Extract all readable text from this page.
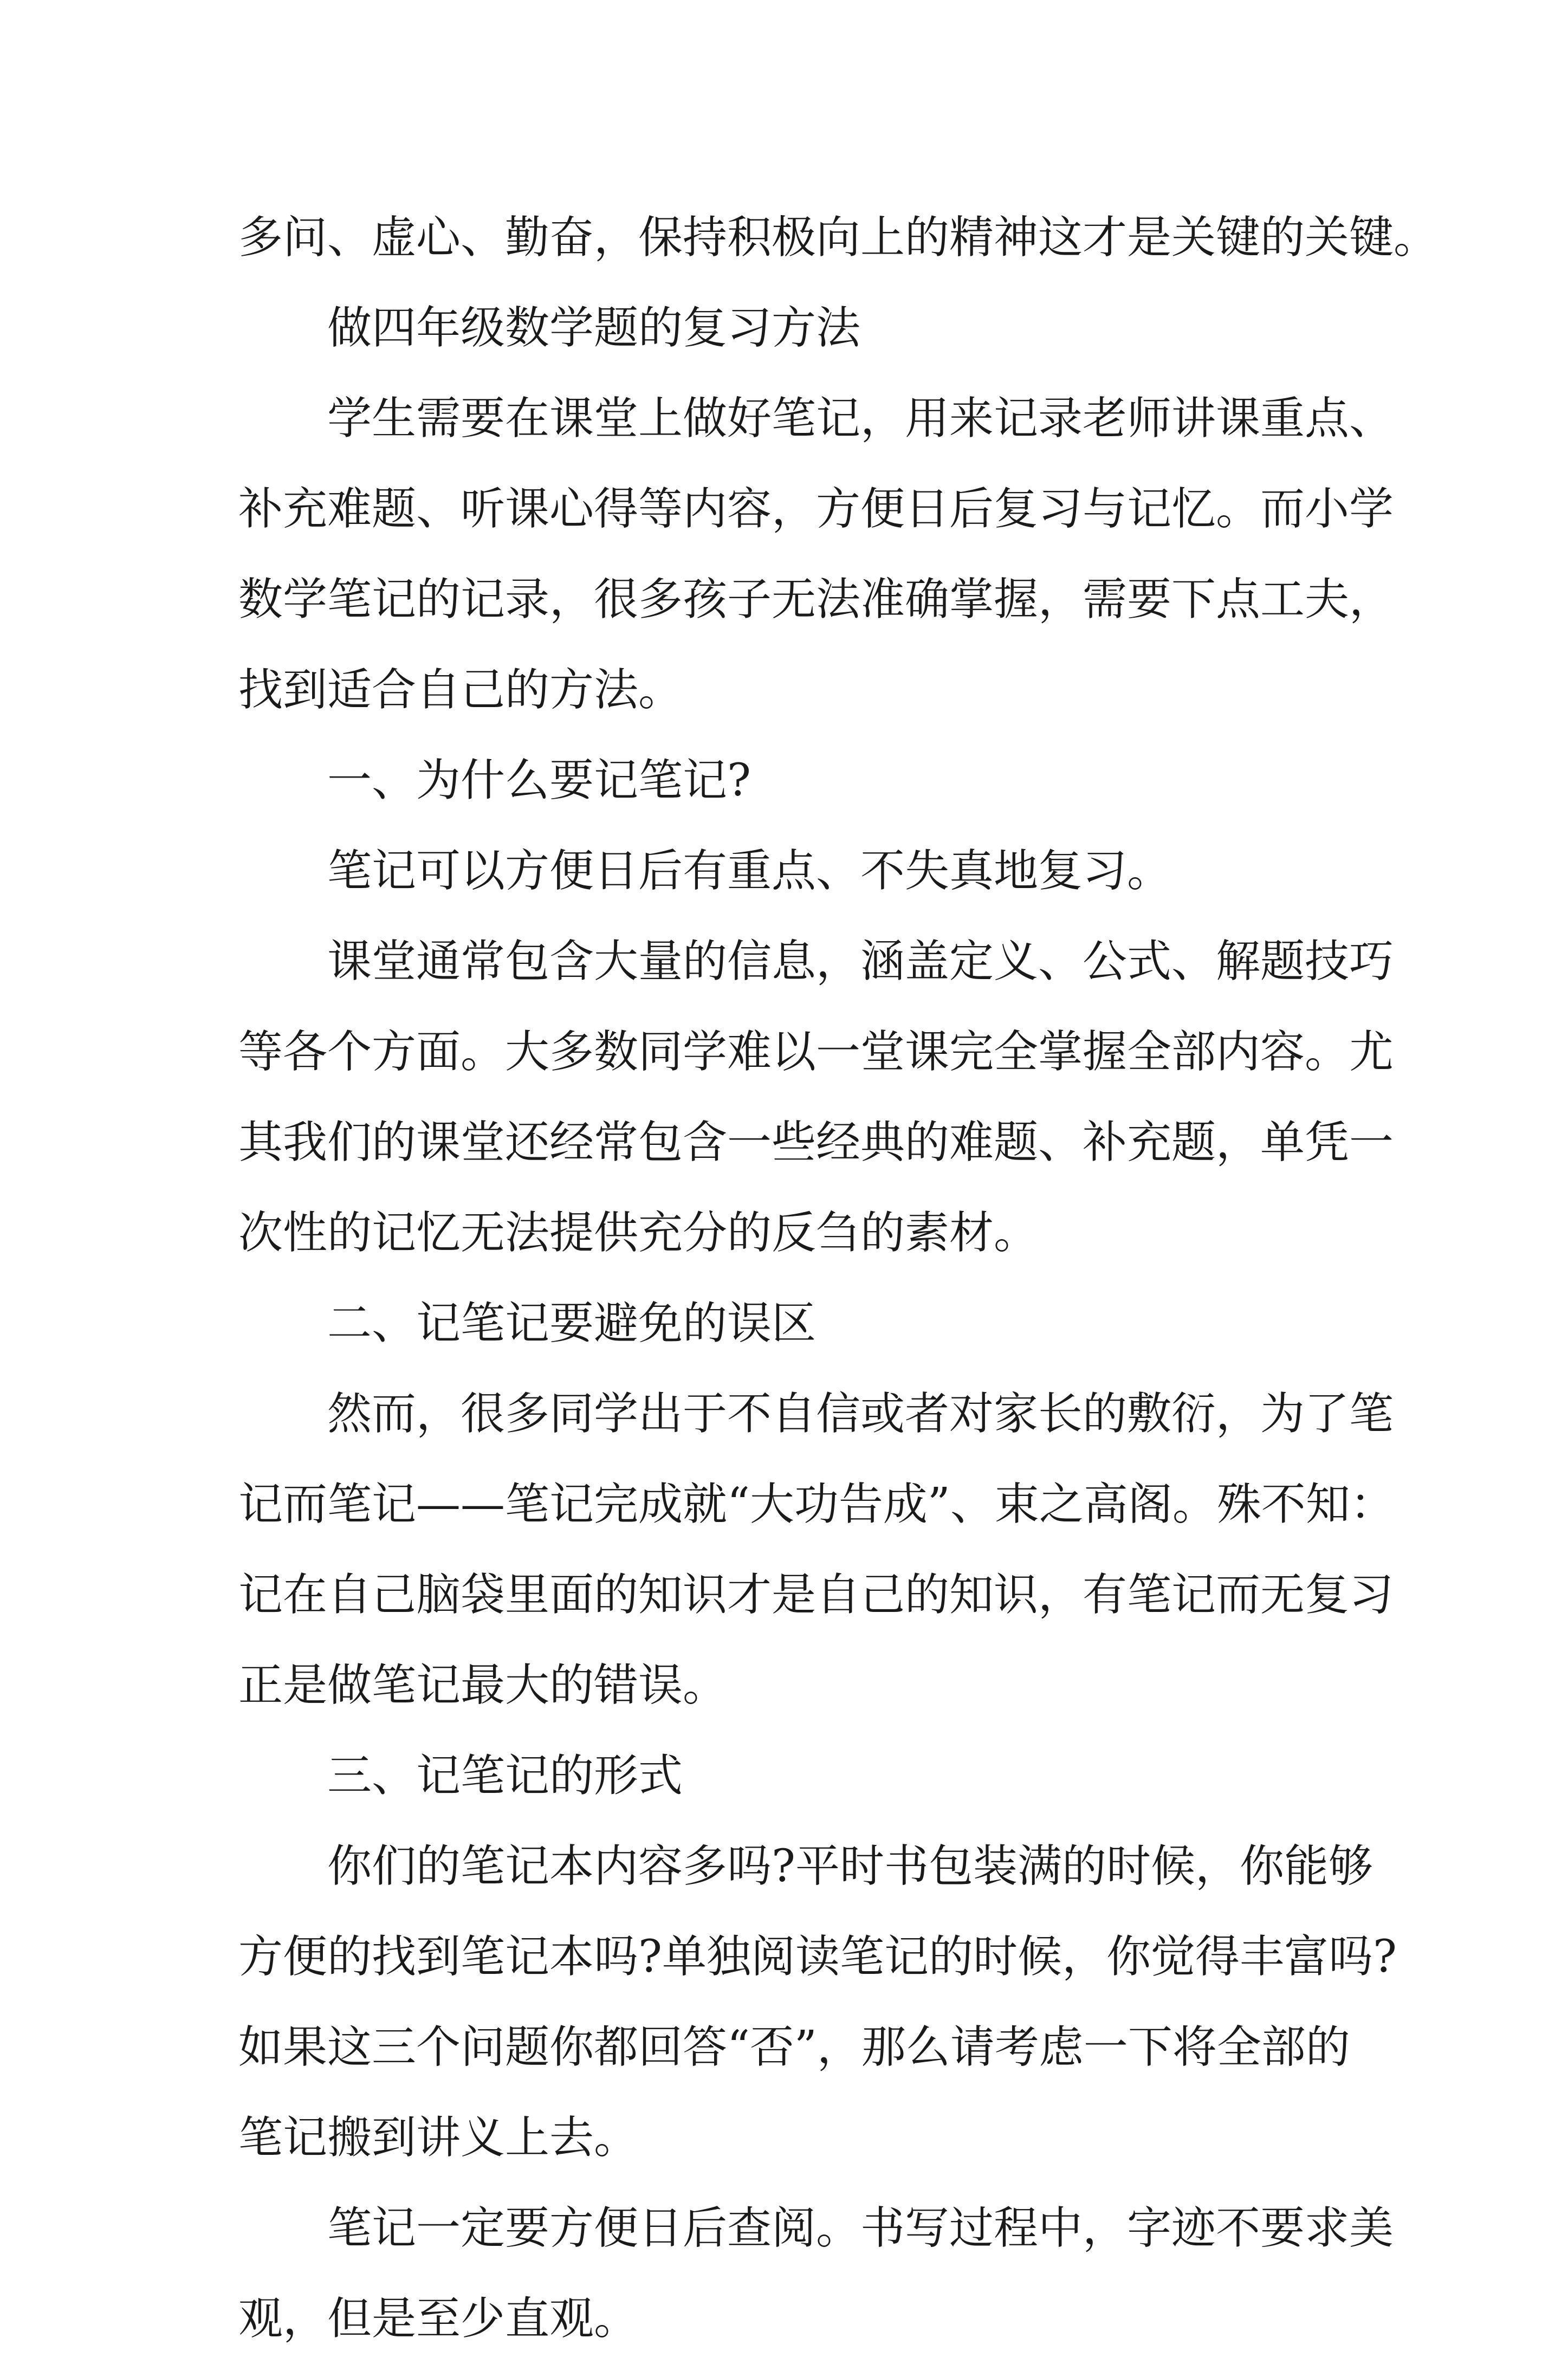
多问、虚心、勤奋，保持积极向上的精神这才是关键的关键。

做四年级数学题的复习方法

学生需要在课堂上做好笔记，用来记录老师讲课重点、
补充难题、听课心得等内容，方便日后复习与记忆。而小学
数学笔记的记录，很多孩子无法准确掌握，需要下点工夫，
找到适合自己的方法。

一、为什么要记笔记?

笔记可以方便日后有重点、不失真地复习。

课堂通常包含大量的信息，涵盖定义、公式、解题技巧
等各个方面。大多数同学难以一堂课完全掌握全部内容。尤
其我们的课堂还经常包含一些经典的难题、补充题，单凭一
次性的记忆无法提供充分的反刍的素材。

二、记笔记要避免的误区

然而，很多同学出于不自信或者对家长的敷衍，为了笔
记而笔记——笔记完成就“大功告成”、束之高阁。殊不知：
记在自己脑袋里面的知识才是自己的知识，有笔记而无复习
正是做笔记最大的错误。

三、记笔记的形式

你们的笔记本内容多吗?平时书包装满的时候，你能够
方便的找到笔记本吗?单独阅读笔记的时候，你觉得丰富吗?
如果这三个问题你都回答“否”，那么请考虑一下将全部的
笔记搬到讲义上去。

笔记一定要方便日后查阅。书写过程中，字迹不要求美
观，但是至少直观。
